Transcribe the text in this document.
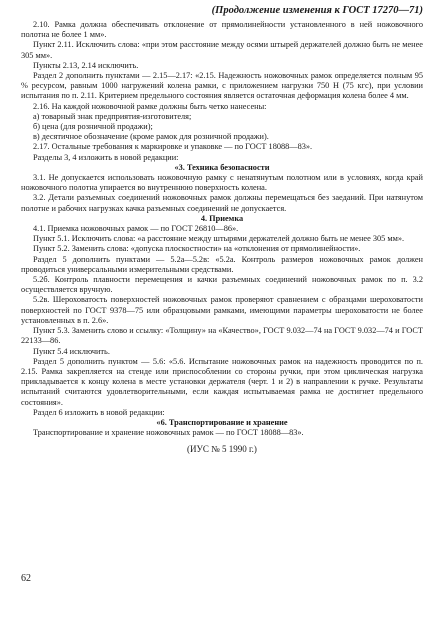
(Продолжение изменения к ГОСТ 17270—71)

2.10. Рамка должна обеспечивать отклонение от прямолинейности установленного в ней ножовочного полотна не более 1 мм».

Пункт 2.11. Исключить слова: «при этом расстояние между осями штырей держателей должно быть не менее 305 мм».

Пункты 2.13, 2.14 исключить.

Раздел 2 дополнить пунктами — 2.15—2.17: «2.15. Надежность ножовочных рамок определяется полным 95 % ресурсом, равным 1000 нагружений колена рамки, с приложением нагрузки 750 Н (75 кгс), при условии испытания по п. 2.11. Критерием предельного состояния является остаточная деформация колена более 4 мм.

2.16. На каждой ножовочной рамке должны быть четко нанесены:

а) товарный знак предприятия-изготовителя;

б) цена (для розничной продажи);

в) десятичное обозначение (кроме рамок для розничной продажи).

2.17. Остальные требования к маркировке и упаковке — по ГОСТ 18088—83».

Разделы 3, 4 изложить в новой редакции:

«3. Техника безопасности

3.1. Не допускается использовать ножовочную рамку с ненатянутым полотном или в условиях, когда край ножовочного полотна упирается во внутреннюю поверхность колена.

3.2. Детали разъемных соединений ножовочных рамок должны перемещаться без заеданий. При натянутом полотне и рабочих нагрузках качка разъемных соединений не допускается.

4. Приемка

4.1. Приемка ножовочных рамок — по ГОСТ 26810—86».

Пункт 5.1. Исключить слова: «а расстояние между штырями держателей должно быть не менее 305 мм».

Пункт 5.2. Заменить слова: «допуска плоскостности» на «отклонения от прямолинейности».

Раздел 5 дополнить пунктами — 5.2а—5.2в: «5.2а. Контроль размеров ножовочных рамок должен проводиться универсальными измерительными средствами.

5.2б. Контроль плавности перемещения и качки разъемных соединений ножовочных рамок по п. 3.2 осуществляется вручную.

5.2в. Шероховатость поверхностей ножовочных рамок проверяют сравнением с образцами шероховатости поверхностей по ГОСТ 9378—75 или образцовыми рамками, имеющими параметры шероховатости не более установленных в п. 2.6».

Пункт 5.3. Заменить слово и ссылку: «Толщину» на «Качество», ГОСТ 9.032—74 на ГОСТ 9.032—74 и ГОСТ 22133—86.

Пункт 5.4 исключить.

Раздел 5 дополнить пунктом — 5.6: «5.6. Испытание ножовочных рамок на надежность проводится по п. 2.15. Рамка закрепляется на стенде или приспособлении со стороны ручки, при этом циклическая нагрузка прикладывается к концу колена в месте установки держателя (черт. 1 и 2) в направлении к ручке. Результаты испытаний считаются удовлетворительными, если каждая испытываемая рамка не достигнет предельного состояния».

Раздел 6 изложить в новой редакции:

«6. Транспортирование и хранение

Транспортирование и хранение ножовочных рамок — по ГОСТ 18088—83».

(ИУС № 5 1990 г.)
62
